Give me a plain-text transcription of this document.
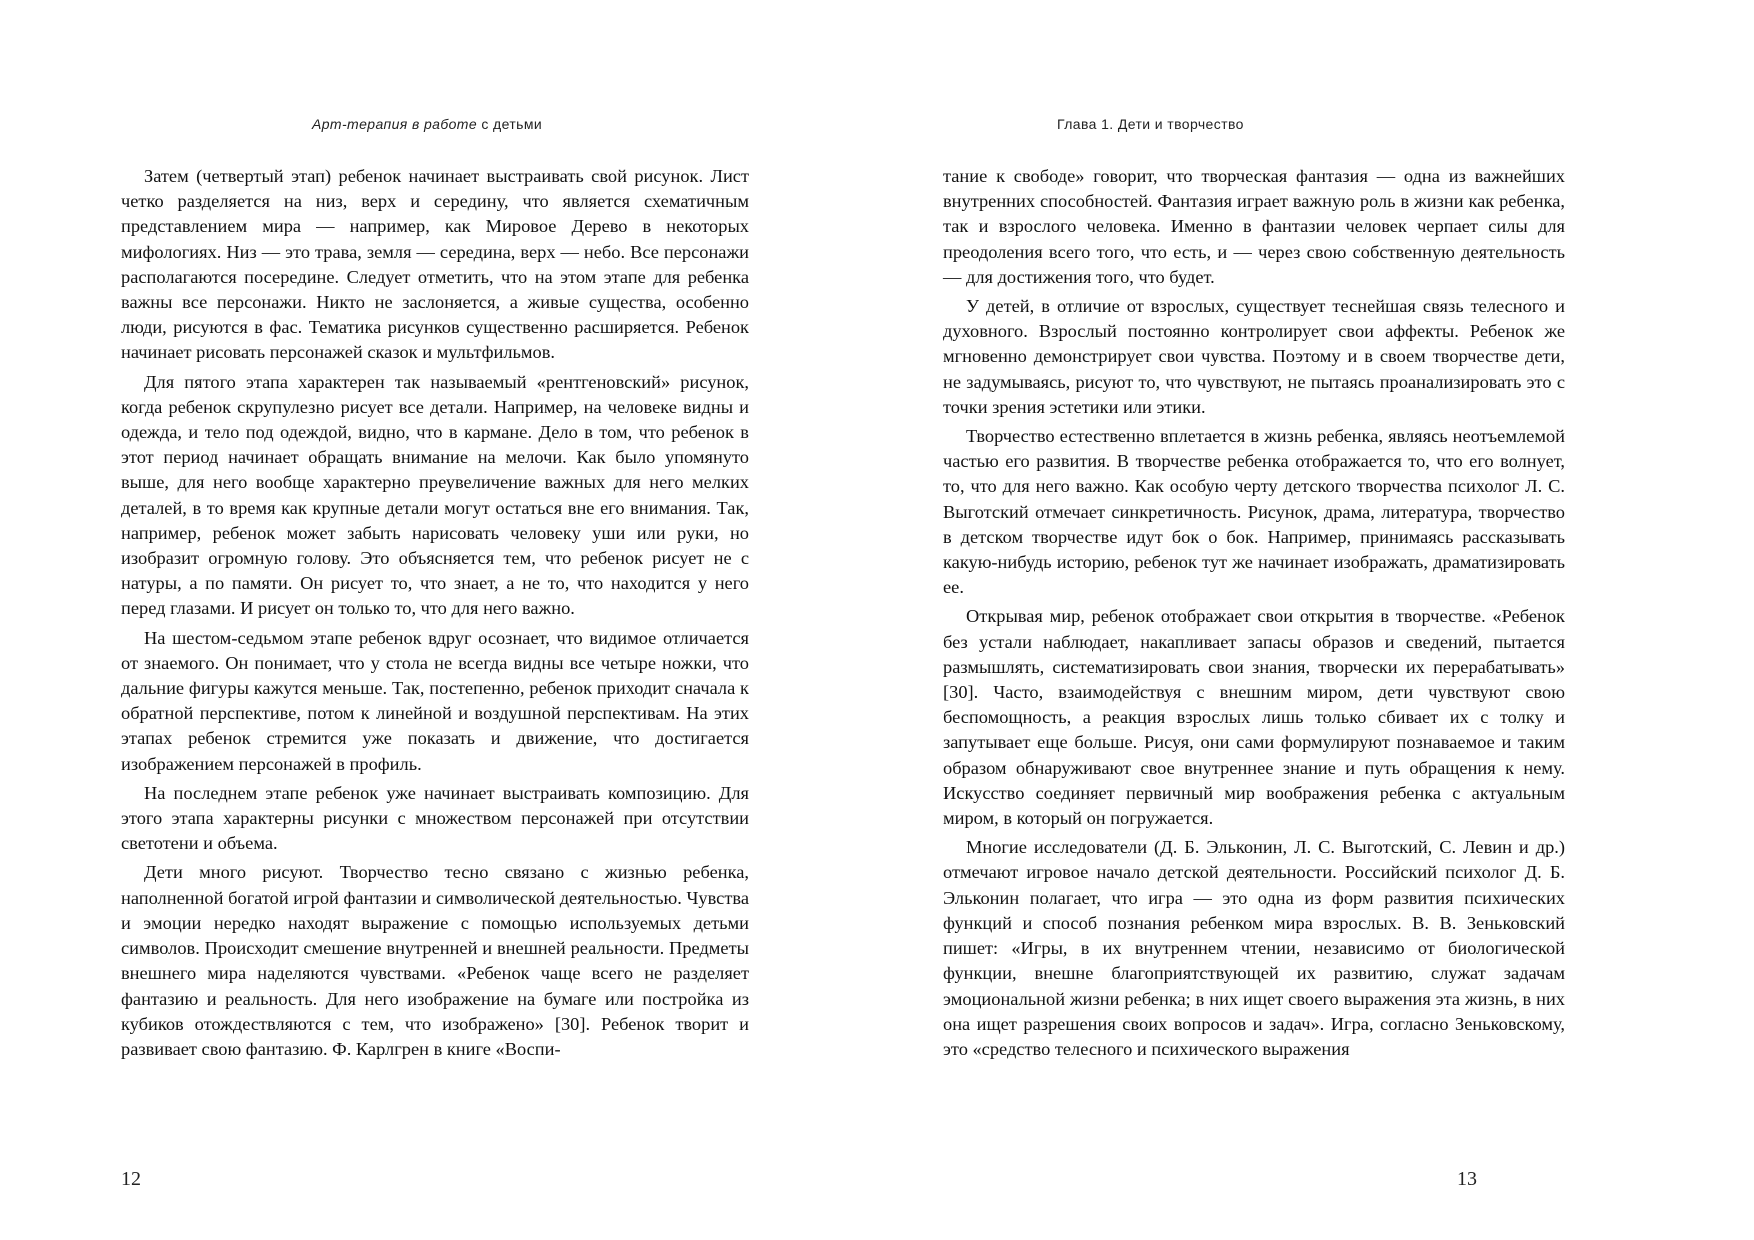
Арт-терапия в работе с детьми

Затем (четвертый этап) ребенок начинает выстраивать свой рисунок. Лист четко разделяется на низ, верх и середину, что является схематичным представлением мира — например, как Мировое Дерево в некоторых мифологиях. Низ — это трава, земля — середина, верх — небо. Все персонажи располагаются посередине. Следует отметить, что на этом этапе для ребенка важны все персонажи. Никто не заслоняется, а живые существа, особенно люди, рисуются в фас. Тематика рисунков существенно расширяется. Ребенок начинает рисовать персонажей сказок и мультфильмов.

Для пятого этапа характерен так называемый «рентгеновский» рисунок, когда ребенок скрупулезно рисует все детали. Например, на человеке видны и одежда, и тело под одеждой, видно, что в кармане. Дело в том, что ребенок в этот период начинает обращать внимание на мелочи. Как было упомянуто выше, для него вообще характерно преувеличение важных для него мелких деталей, в то время как крупные детали могут остаться вне его внимания. Так, например, ребенок может забыть нарисовать человеку уши или руки, но изобразит огромную голову. Это объясняется тем, что ребенок рисует не с натуры, а по памяти. Он рисует то, что знает, а не то, что находится у него перед глазами. И рисует он только то, что для него важно.

На шестом-седьмом этапе ребенок вдруг осознает, что видимое отличается от знаемого. Он понимает, что у стола не всегда видны все четыре ножки, что дальние фигуры кажутся меньше. Так, постепенно, ребенок приходит сначала к обратной перспективе, потом к линейной и воздушной перспективам. На этих этапах ребенок стремится уже показать и движение, что достигается изображением персонажей в профиль.

На последнем этапе ребенок уже начинает выстраивать композицию. Для этого этапа характерны рисунки с множеством персонажей при отсутствии светотени и объема.

Дети много рисуют. Творчество тесно связано с жизнью ребенка, наполненной богатой игрой фантазии и символической деятельностью. Чувства и эмоции нередко находят выражение с помощью используемых детьми символов. Происходит смешение внутренней и внешней реальности. Предметы внешнего мира наделяются чувствами. «Ребенок чаще всего не разделяет фантазию и реальность. Для него изображение на бумаге или постройка из кубиков отождествляются с тем, что изображено» [30]. Ребенок творит и развивает свою фантазию. Ф. Карлгрен в книге «Воспи-

12
Глава 1. Дети и творчество

тание к свободе» говорит, что творческая фантазия — одна из важнейших внутренних способностей. Фантазия играет важную роль в жизни как ребенка, так и взрослого человека. Именно в фантазии человек черпает силы для преодоления всего того, что есть, и — через свою собственную деятельность — для достижения того, что будет.

У детей, в отличие от взрослых, существует теснейшая связь телесного и духовного. Взрослый постоянно контролирует свои аффекты. Ребенок же мгновенно демонстрирует свои чувства. Поэтому и в своем творчестве дети, не задумываясь, рисуют то, что чувствуют, не пытаясь проанализировать это с точки зрения эстетики или этики.

Творчество естественно вплетается в жизнь ребенка, являясь неотъемлемой частью его развития. В творчестве ребенка отображается то, что его волнует, то, что для него важно. Как особую черту детского творчества психолог Л. С. Выготский отмечает синкретичность. Рисунок, драма, литература, творчество в детском творчестве идут бок о бок. Например, принимаясь рассказывать какую-нибудь историю, ребенок тут же начинает изображать, драматизировать ее.

Открывая мир, ребенок отображает свои открытия в творчестве. «Ребенок без устали наблюдает, накапливает запасы образов и сведений, пытается размышлять, систематизировать свои знания, творчески их перерабатывать» [30]. Часто, взаимодействуя с внешним миром, дети чувствуют свою беспомощность, а реакция взрослых лишь только сбивает их с толку и запутывает еще больше. Рисуя, они сами формулируют познаваемое и таким образом обнаруживают свое внутреннее знание и путь обращения к нему. Искусство соединяет первичный мир воображения ребенка с актуальным миром, в который он погружается.

Многие исследователи (Д. Б. Эльконин, Л. С. Выготский, С. Левин и др.) отмечают игровое начало детской деятельности. Российский психолог Д. Б. Эльконин полагает, что игра — это одна из форм развития психических функций и способ познания ребенком мира взрослых. В. В. Зеньковский пишет: «Игры, в их внутреннем чтении, независимо от биологической функции, внешне благоприятствующей их развитию, служат задачам эмоциональной жизни ребенка; в них ищет своего выражения эта жизнь, в них она ищет разрешения своих вопросов и задач». Игра, согласно Зеньковскому, это «средство телесного и психического выражения

13
